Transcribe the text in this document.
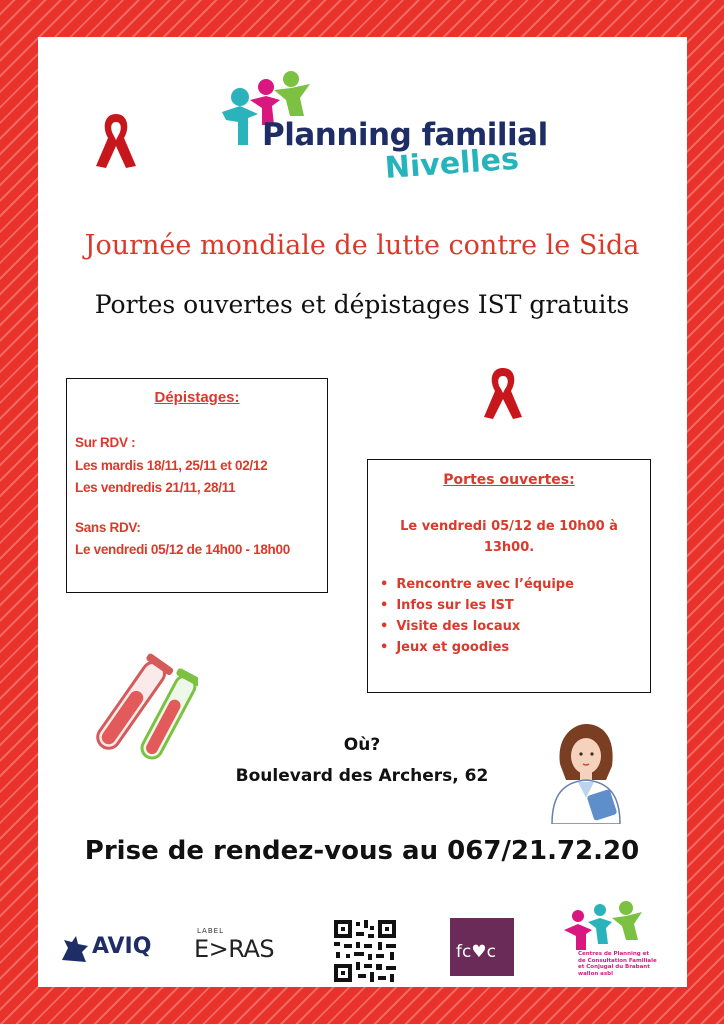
Planning familial
Nivelles
Journée mondiale de lutte contre le Sida
Portes ouvertes et dépistages IST gratuits
Dépistages:
Sur RDV :
Les mardis 18/11, 25/11 et 02/12
Les vendredis 21/11, 28/11
Sans RDV:
Le vendredi 05/12 de 14h00 - 18h00
Portes ouvertes:
Le vendredi 05/12 de 10h00 à 13h00.
• Rencontre avec l’équipe
• Infos sur les IST
• Visite des locaux
• Jeux et goodies
Où?
Boulevard des Archers, 62
Prise de rendez-vous au 067/21.72.20
AVIQ
LABEL
E>RAS	fc♥c	Centres de Planning et de Consultation Familiale et Conjugal du Brabant wallon asbl
